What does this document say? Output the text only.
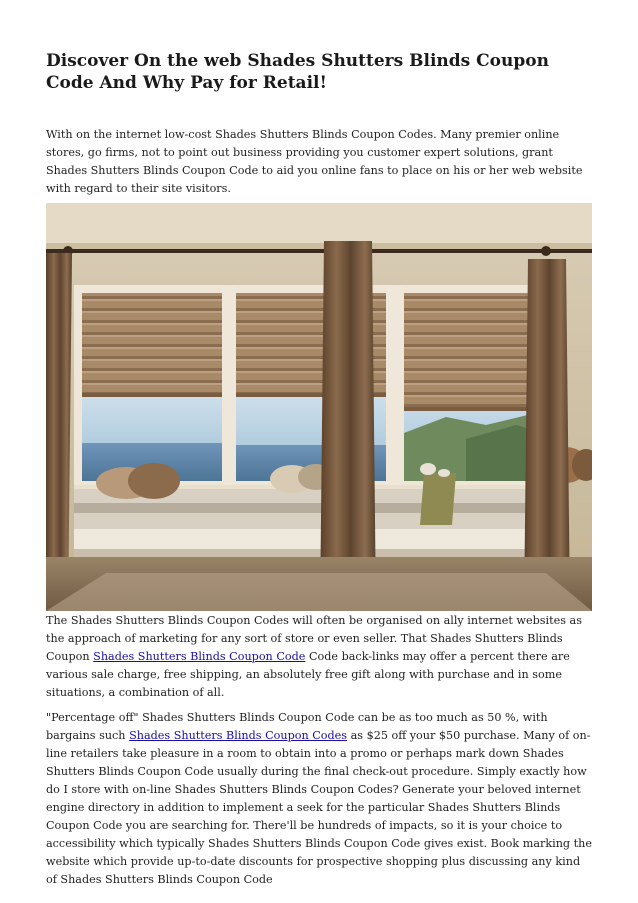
Discover On the web Shades Shutters Blinds Coupon Code And Why Pay for Retail!

With on the internet low-cost Shades Shutters Blinds Coupon Codes. Many premier online stores, go firms, not to point out business providing you customer expert solutions, grant Shades Shutters Blinds Coupon Code to aid you online fans to place on his or her web website with regard to their site visitors.

The Shades Shutters Blinds Coupon Codes will often be organised on ally internet websites as the approach of marketing for any sort of store or even seller. That Shades Shutters Blinds Coupon Shades Shutters Blinds Coupon Code Code back-links may offer a percent there are various sale charge, free shipping, an absolutely free gift along with purchase and in some situations, a combination of all.

"Percentage off" Shades Shutters Blinds Coupon Code can be as too much as 50 %, with bargains such Shades Shutters Blinds Coupon Codes as $25 off your $50 purchase. Many of on-line retailers take pleasure in a room to obtain into a promo or perhaps mark down Shades Shutters Blinds Coupon Code usually during the final check-out procedure. Simply exactly how do I store with on-line Shades Shutters Blinds Coupon Codes? Generate your beloved internet engine directory in addition to implement a seek for the particular Shades Shutters Blinds Coupon Code you are searching for. There'll be hundreds of impacts, so it is your choice to accessibility which typically Shades Shutters Blinds Coupon Code gives exist. Book marking the website which provide up-to-date discounts for prospective shopping plus discussing any kind of Shades Shutters Blinds Coupon Code
